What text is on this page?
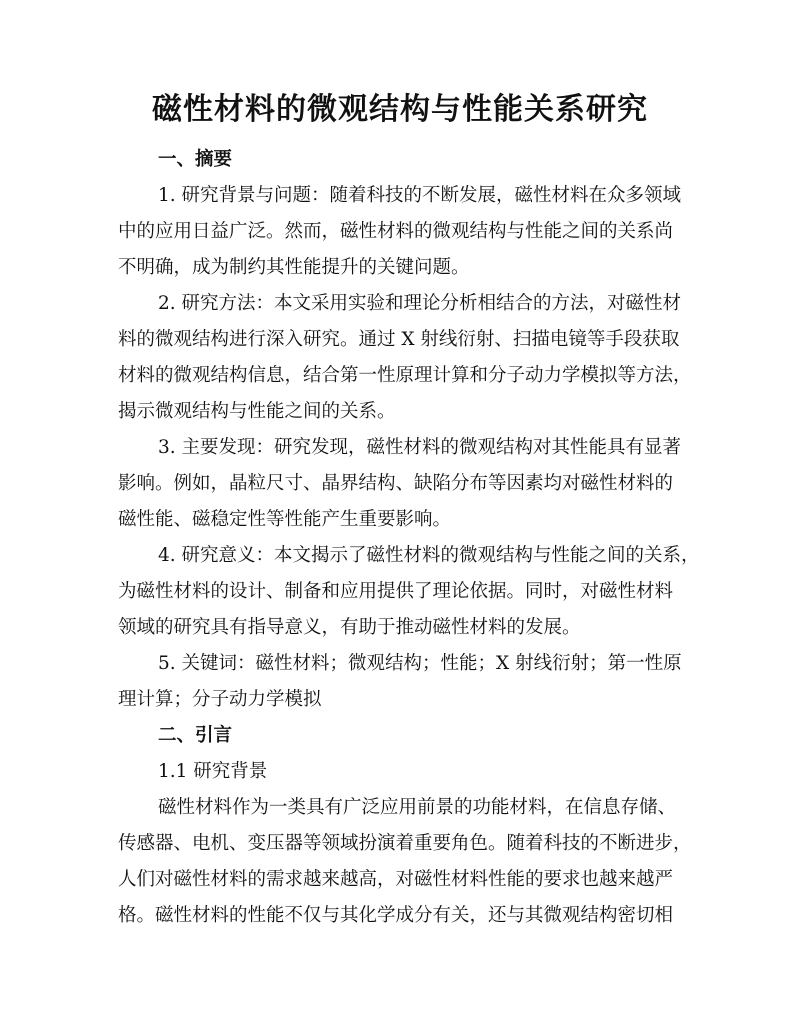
磁性材料的微观结构与性能关系研究
一、摘要
1. 研究背景与问题：随着科技的不断发展，磁性材料在众多领域
中的应用日益广泛。然而，磁性材料的微观结构与性能之间的关系尚
不明确，成为制约其性能提升的关键问题。
2. 研究方法：本文采用实验和理论分析相结合的方法，对磁性材
料的微观结构进行深入研究。通过 X 射线衍射、扫描电镜等手段获取
材料的微观结构信息，结合第一性原理计算和分子动力学模拟等方法，
揭示微观结构与性能之间的关系。
3. 主要发现：研究发现，磁性材料的微观结构对其性能具有显著
影响。例如，晶粒尺寸、晶界结构、缺陷分布等因素均对磁性材料的
磁性能、磁稳定性等性能产生重要影响。
4. 研究意义：本文揭示了磁性材料的微观结构与性能之间的关系，
为磁性材料的设计、制备和应用提供了理论依据。同时，对磁性材料
领域的研究具有指导意义，有助于推动磁性材料的发展。
5. 关键词：磁性材料；微观结构；性能；X 射线衍射；第一性原
理计算；分子动力学模拟
二、引言
1.1 研究背景
磁性材料作为一类具有广泛应用前景的功能材料，在信息存储、
传感器、电机、变压器等领域扮演着重要角色。随着科技的不断进步，
人们对磁性材料的需求越来越高，对磁性材料性能的要求也越来越严
格。磁性材料的性能不仅与其化学成分有关，还与其微观结构密切相
